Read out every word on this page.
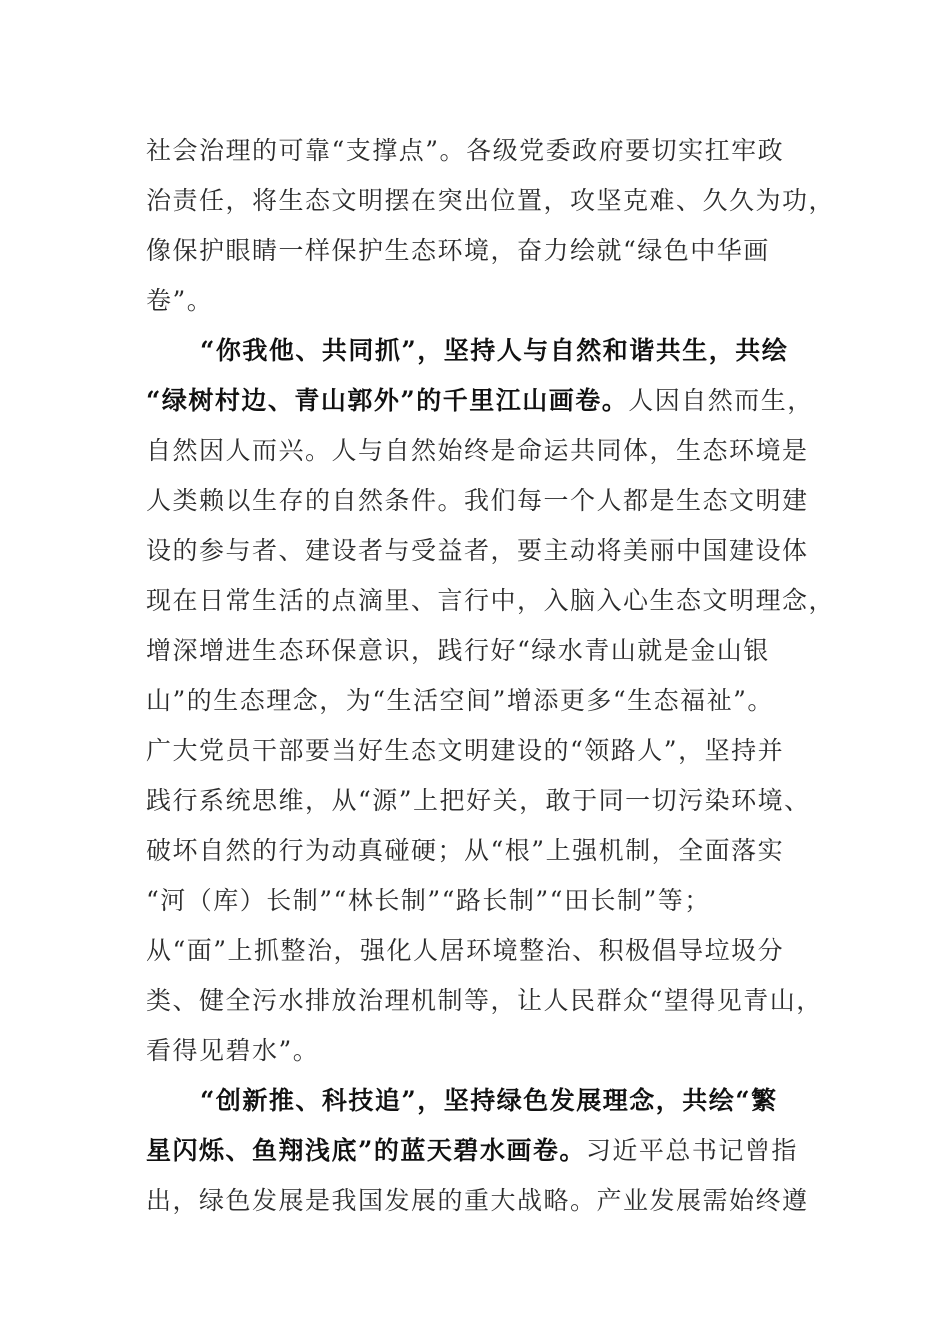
社会治理的可靠“支撑点”。各级党委政府要切实扛牢政
治责任，将生态文明摆在突出位置，攻坚克难、久久为功，
像保护眼睛一样保护生态环境，奋力绘就“绿色中华画
卷”。
“你我他、共同抓”，坚持人与自然和谐共生，共绘
“绿树村边、青山郭外”的千里江山画卷。人因自然而生，
自然因人而兴。人与自然始终是命运共同体，生态环境是
人类赖以生存的自然条件。我们每一个人都是生态文明建
设的参与者、建设者与受益者，要主动将美丽中国建设体
现在日常生活的点滴里、言行中，入脑入心生态文明理念，
增深增进生态环保意识，践行好“绿水青山就是金山银
山”的生态理念，为“生活空间”增添更多“生态福祉”。
广大党员干部要当好生态文明建设的“领路人”，坚持并
践行系统思维，从“源”上把好关，敢于同一切污染环境、
破坏自然的行为动真碰硬；从“根”上强机制，全面落实
“河（库）长制”“林长制”“路长制”“田长制”等；
从“面”上抓整治，强化人居环境整治、积极倡导垃圾分
类、健全污水排放治理机制等，让人民群众“望得见青山，
看得见碧水”。
“创新推、科技追”，坚持绿色发展理念，共绘“繁
星闪烁、鱼翔浅底”的蓝天碧水画卷。习近平总书记曾指
出，绿色发展是我国发展的重大战略。产业发展需始终遵
